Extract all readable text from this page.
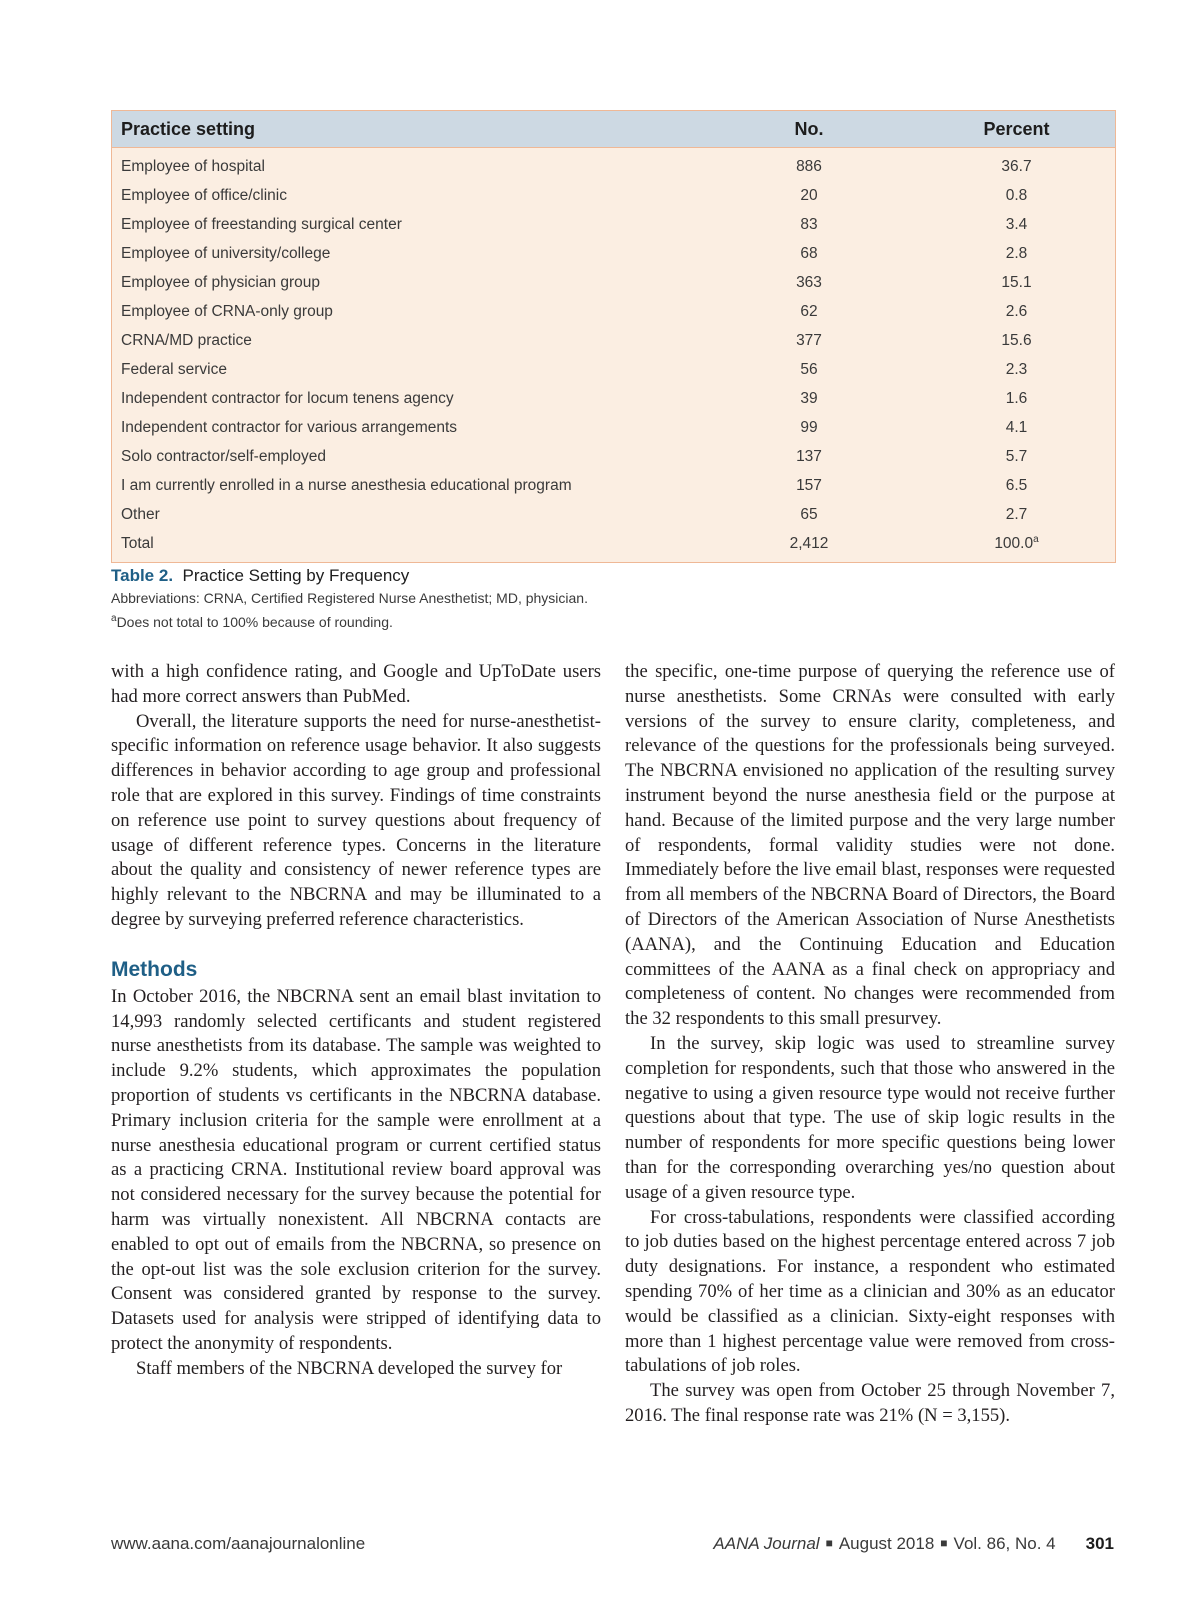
Practice setting	No.	Percent
Employee of hospital	886	36.7
Employee of office/clinic	20	0.8
Employee of freestanding surgical center	83	3.4
Employee of university/college	68	2.8
Employee of physician group	363	15.1
Employee of CRNA-only group	62	2.6
CRNA/MD practice	377	15.6
Federal service	56	2.3
Independent contractor for locum tenens agency	39	1.6
Independent contractor for various arrangements	99	4.1
Solo contractor/self-employed	137	5.7
I am currently enrolled in a nurse anesthesia educational program	157	6.5
Other	65	2.7
Total	2,412	100.0$^a$

Table 2. Practice Setting by Frequency

Abbreviations: CRNA, Certified Registered Nurse Anesthetist; MD, physician.

$^a$Does not total to 100% because of rounding.

with a high confidence rating, and Google and UpToDate users had more correct answers than PubMed.

Overall, the literature supports the need for nurse-anesthetist-specific information on reference usage behavior. It also suggests differences in behavior according to age group and professional role that are explored in this survey. Findings of time constraints on reference use point to survey questions about frequency of usage of different reference types. Concerns in the literature about the quality and consistency of newer reference types are highly relevant to the NBCRNA and may be illuminated to a degree by surveying preferred reference characteristics.

Methods

In October 2016, the NBCRNA sent an email blast invitation to 14,993 randomly selected certificants and student registered nurse anesthetists from its database. The sample was weighted to include 9.2% students, which approximates the population proportion of students vs certificants in the NBCRNA database. Primary inclusion criteria for the sample were enrollment at a nurse anesthesia educational program or current certified status as a practicing CRNA. Institutional review board approval was not considered necessary for the survey because the potential for harm was virtually nonexistent. All NBCRNA contacts are enabled to opt out of emails from the NBCRNA, so presence on the opt-out list was the sole exclusion criterion for the survey. Consent was considered granted by response to the survey. Datasets used for analysis were stripped of identifying data to protect the anonymity of respondents.

Staff members of the NBCRNA developed the survey for

the specific, one-time purpose of querying the reference use of nurse anesthetists. Some CRNAs were consulted with early versions of the survey to ensure clarity, completeness, and relevance of the questions for the professionals being surveyed. The NBCRNA envisioned no application of the resulting survey instrument beyond the nurse anesthesia field or the purpose at hand. Because of the limited purpose and the very large number of respondents, formal validity studies were not done. Immediately before the live email blast, responses were requested from all members of the NBCRNA Board of Directors, the Board of Directors of the American Association of Nurse Anesthetists (AANA), and the Continuing Education and Education committees of the AANA as a final check on appropriacy and completeness of content. No changes were recommended from the 32 respondents to this small presurvey.

In the survey, skip logic was used to streamline survey completion for respondents, such that those who answered in the negative to using a given resource type would not receive further questions about that type. The use of skip logic results in the number of respondents for more specific questions being lower than for the corresponding overarching yes/no question about usage of a given resource type.

For cross-tabulations, respondents were classified according to job duties based on the highest percentage entered across 7 job duty designations. For instance, a respondent who estimated spending 70% of her time as a clinician and 30% as an educator would be classified as a clinician. Sixty-eight responses with more than 1 highest percentage value were removed from cross-tabulations of job roles.

The survey was open from October 25 through November 7, 2016. The final response rate was 21% (N = 3,155).

www.aana.com/aanajournalonline	AANA Journal ■ August 2018 ■ Vol. 86, No. 4 301
